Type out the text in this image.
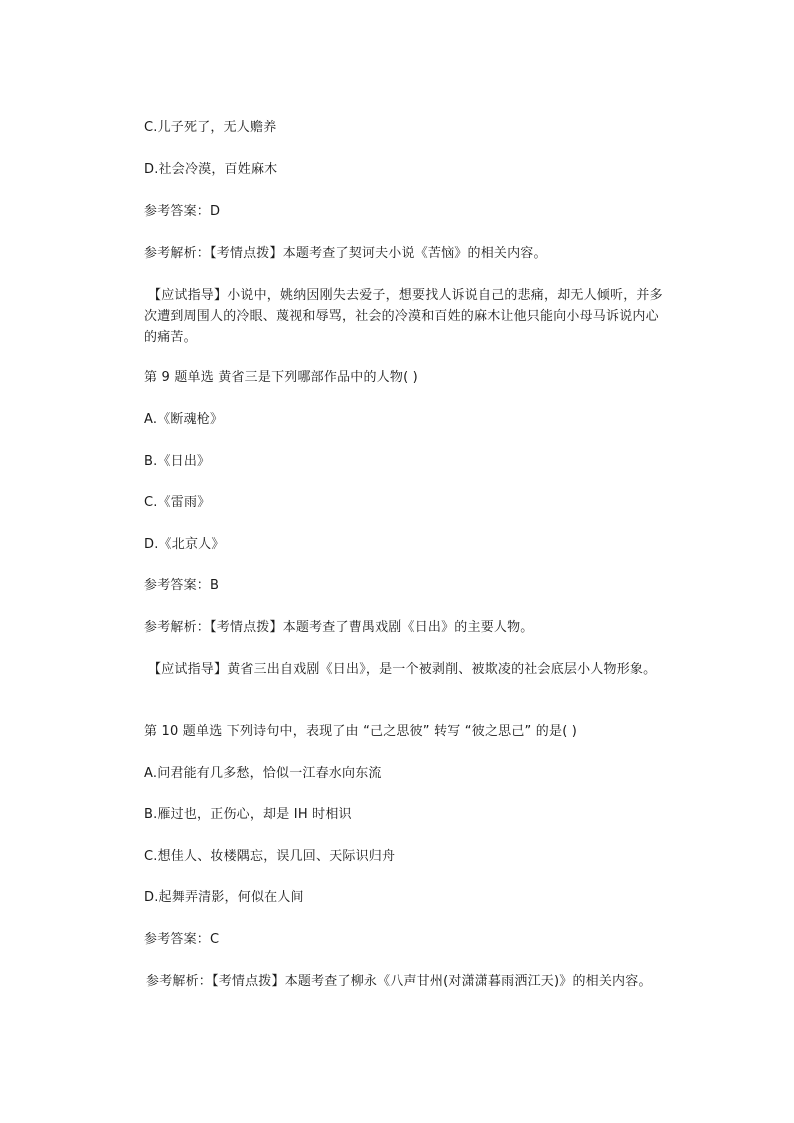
C.儿子死了，无人赡养
D.社会冷漠，百姓麻木
参考答案：D
参考解析：【考情点拨】本题考查了契诃夫小说《苦恼》的相关内容。
【应试指导】小说中，姚纳因刚失去爱子，想要找人诉说自己的悲痛，却无人倾听，并多次遭到周围人的冷眼、蔑视和辱骂，社会的冷漠和百姓的麻木让他只能向小母马诉说内心的痛苦。
第 9 题单选 黄省三是下列哪部作品中的人物( )
A.《断魂枪》
B.《日出》
C.《雷雨》
D.《北京人》
参考答案：B
参考解析：【考情点拨】本题考查了曹禺戏剧《日出》的主要人物。
【应试指导】黄省三出自戏剧《日出》，是一个被剥削、被欺凌的社会底层小人物形象。
第 10 题单选 下列诗句中，表现了由 “己之思彼” 转写 “彼之思己” 的是( )
A.问君能有几多愁，恰似一江春水向东流
B.雁过也，正伤心，却是 IH 时相识
C.想佳人、妆楼隅忘，误几回、天际识归舟
D.起舞弄清影，何似在人间
参考答案：C
参考解析：【考情点拨】本题考查了柳永《八声甘州(对潇潇暮雨洒江天)》的相关内容。
